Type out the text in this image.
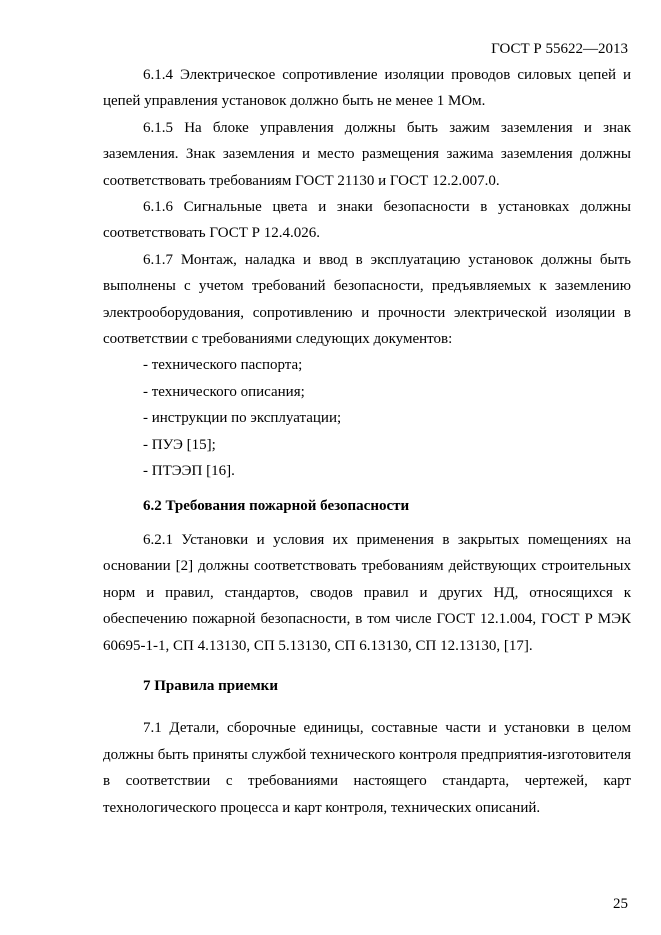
ГОСТ Р 55622—2013

6.1.4 Электрическое сопротивление изоляции проводов силовых цепей и цепей управления установок должно быть не менее 1 МОм.

6.1.5 На блоке управления должны быть зажим заземления и знак заземления. Знак заземления и место размещения зажима заземления должны соответствовать требованиям ГОСТ 21130 и ГОСТ 12.2.007.0.

6.1.6 Сигнальные цвета и знаки безопасности в установках должны соответствовать ГОСТ Р 12.4.026.

6.1.7 Монтаж, наладка и ввод в эксплуатацию установок должны быть выполнены с учетом требований безопасности, предъявляемых к заземлению электрооборудования, сопротивлению и прочности электрической изоляции в соответствии с требованиями следующих документов:

- технического паспорта;
- технического описания;
- инструкции по эксплуатации;
- ПУЭ [15];
- ПТЭЭП [16].

6.2 Требования пожарной безопасности

6.2.1 Установки и условия их применения в закрытых помещениях на основании [2] должны соответствовать требованиям действующих строительных норм и правил, стандартов, сводов правил и других НД, относящихся к обеспечению пожарной безопасности, в том числе ГОСТ 12.1.004, ГОСТ Р МЭК 60695-1-1, СП 4.13130, СП 5.13130, СП 6.13130, СП 12.13130, [17].

7 Правила приемки

7.1 Детали, сборочные единицы, составные части и установки в целом должны быть приняты службой технического контроля предприятия-изготовителя в соответствии с требованиями настоящего стандарта, чертежей, карт технологического процесса и карт контроля, технических описаний.

25
